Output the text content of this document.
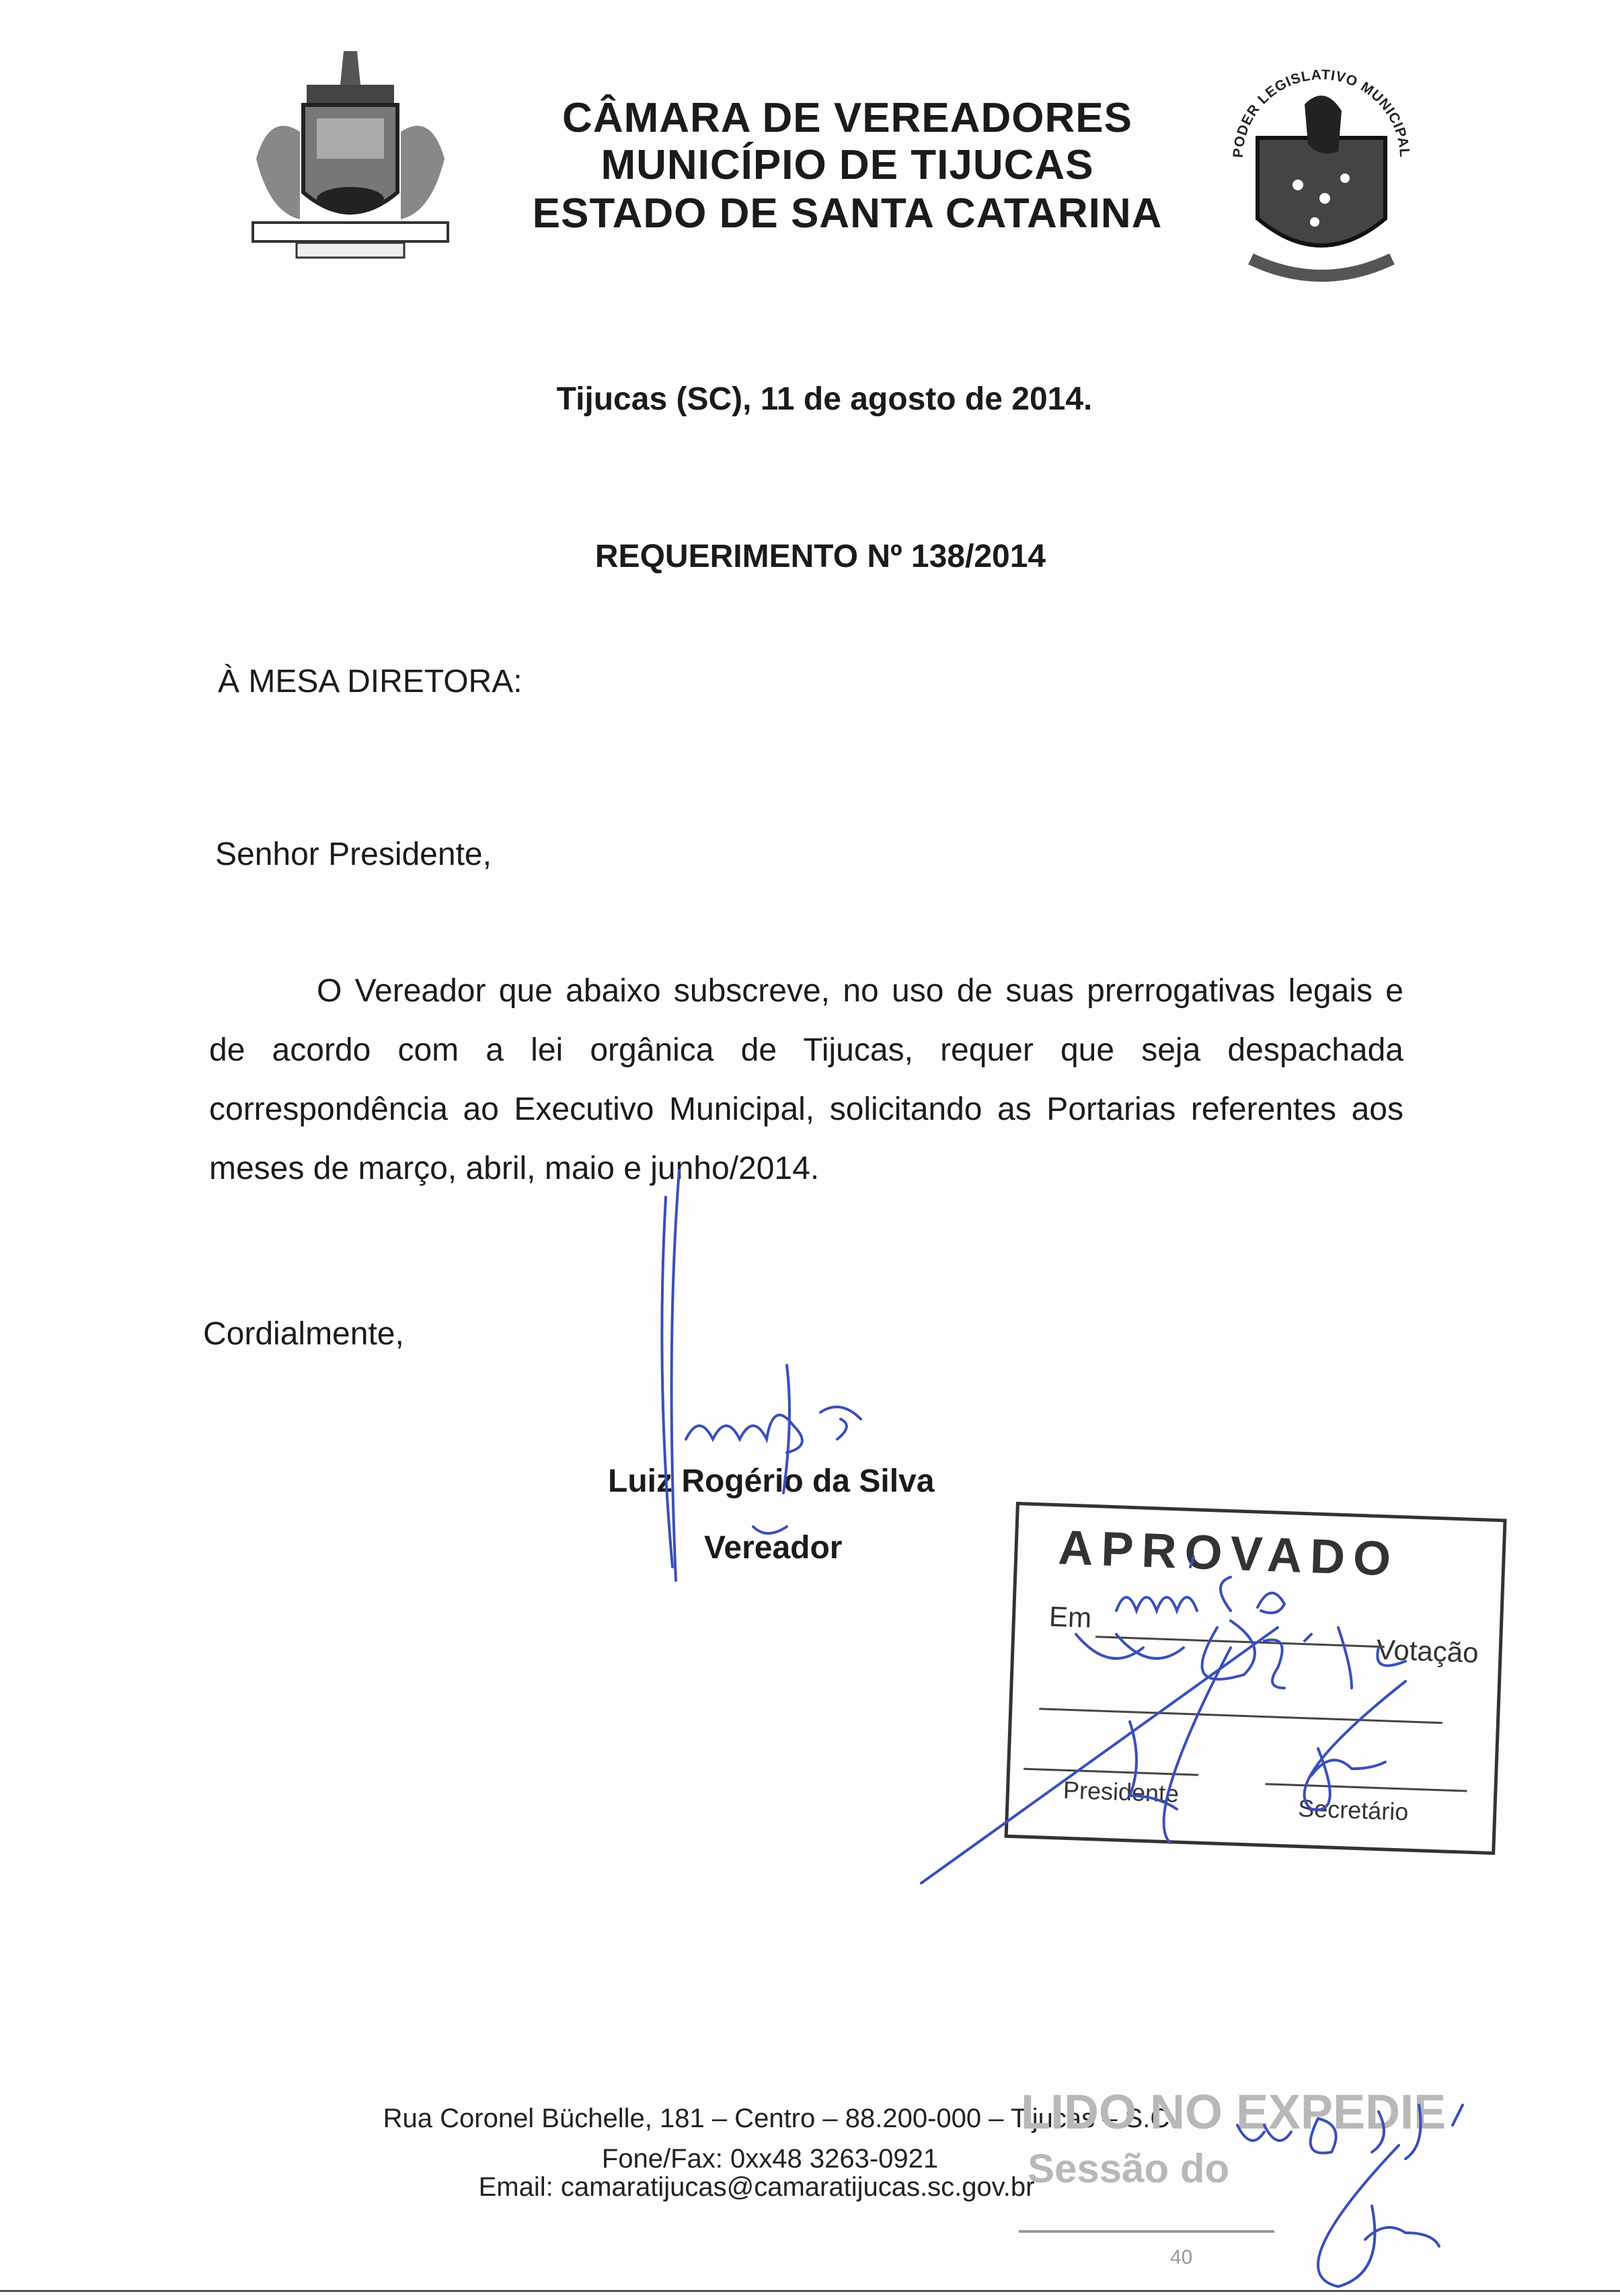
CÂMARA DE VEREADORES
MUNICÍPIO DE TIJUCAS
ESTADO DE SANTA CATARINA
PODER LEGISLATIVO MUNICIPAL
Tijucas (SC), 11 de agosto de 2014.
REQUERIMENTO Nº 138/2014
À MESA DIRETORA:
Senhor Presidente,
O Vereador que abaixo subscreve, no uso de suas prerrogativas legais e de acordo com a lei orgânica de Tijucas, requer que seja despachada correspondência ao Executivo Municipal, solicitando as Portarias referentes aos meses de março, abril, maio e junho/2014.
Cordialmente,
Luiz Rogério da Silva
Vereador	APROVADO
Em
Votação
Presidente
Secretário
Rua Coronel Büchelle, 181 – Centro – 88.200-000 – Tijucas – S.C.
Fone/Fax: 0xx48 3263-0921
Email: camaratijucas@camaratijucas.sc.gov.br
LIDO NO EXPEDIE
Sessão do
40
